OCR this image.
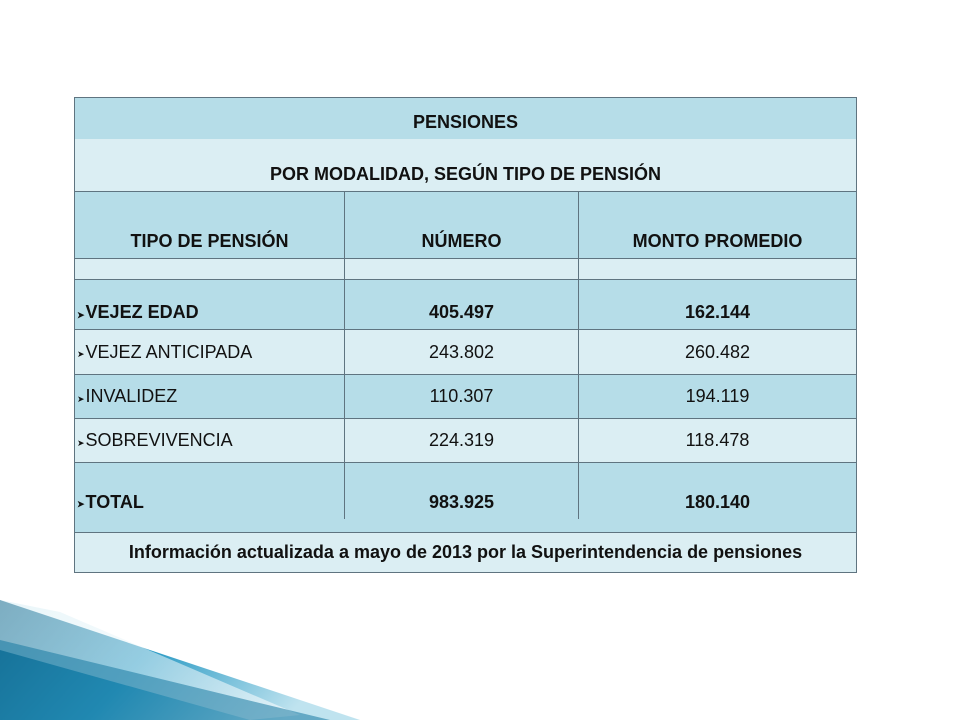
PENSIONES		
POR MODALIDAD, SEGÚN TIPO DE PENSIÓN		
TIPO DE PENSIÓN	NÚMERO	MONTO PROMEDIO

➤VEJEZ EDAD	405.497	162.144
➤VEJEZ ANTICIPADA	243.802	260.482
➤INVALIDEZ	110.307	194.119
➤SOBREVIVENCIA	224.319	118.478
➤TOTAL	983.925	180.140

Información actualizada a mayo de 2013 por la Superintendencia de pensiones		
